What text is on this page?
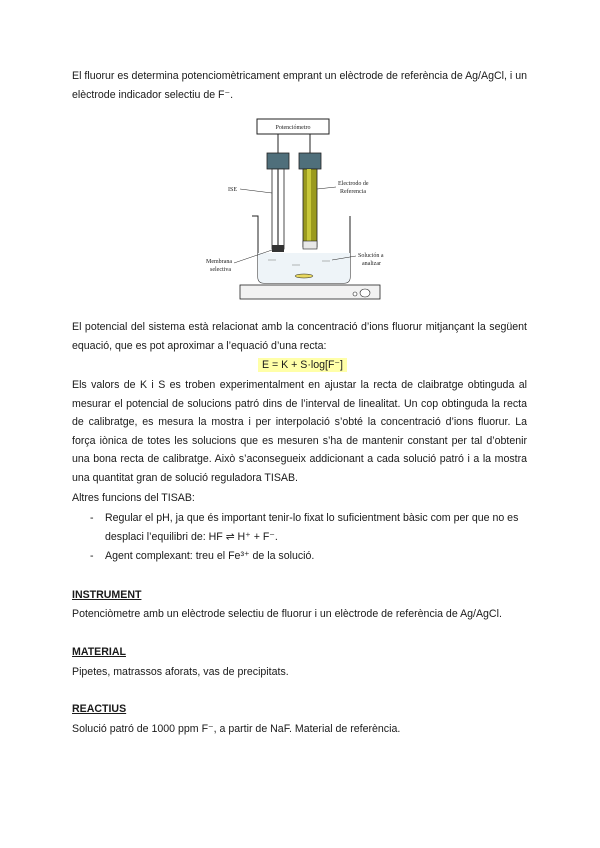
El fluorur es determina potenciomètricament emprant un elèctrode de referència de Ag/AgCl, i un elèctrode indicador selectiu de F⁻.

Potenciómetro
ISE
Electrodo de
Referencia
Membrana
selectiva
Solución a
analizar

El potencial del sistema està relacionat amb la concentració d’ions fluorur mitjançant la següent equació, que es pot aproximar a l’equació d’una recta:

E = K + S·log[F⁻]

Els valors de K i S es troben experimentalment en ajustar la recta de claibratge obtinguda al mesurar el potencial de solucions patró dins de l’interval de linealitat. Un cop obtinguda la recta de calibratge, es mesura la mostra i per interpolació s’obté la concentració d’ions fluorur. La força iònica de totes les solucions que es mesuren s’ha de mantenir constant per tal d’obtenir una bona recta de calibratge. Això s’aconsegueix addicionant a cada solució patró i a la mostra una quantitat gran de solució reguladora TISAB.

Altres funcions del TISAB:

- Regular el pH, ja que és important tenir-lo fixat lo suficientment bàsic com per que no es desplaci l’equilibri de: HF ⇌ H⁺ + F⁻.
- Agent complexant: treu el Fe³⁺ de la solució.
INSTRUMENT

Potenciòmetre amb un elèctrode selectiu de fluorur i un elèctrode de referència de Ag/AgCl.

MATERIAL

Pipetes, matrassos aforats, vas de precipitats.

REACTIUS

Solució patró de 1000 ppm F⁻, a partir de NaF. Material de referència.
